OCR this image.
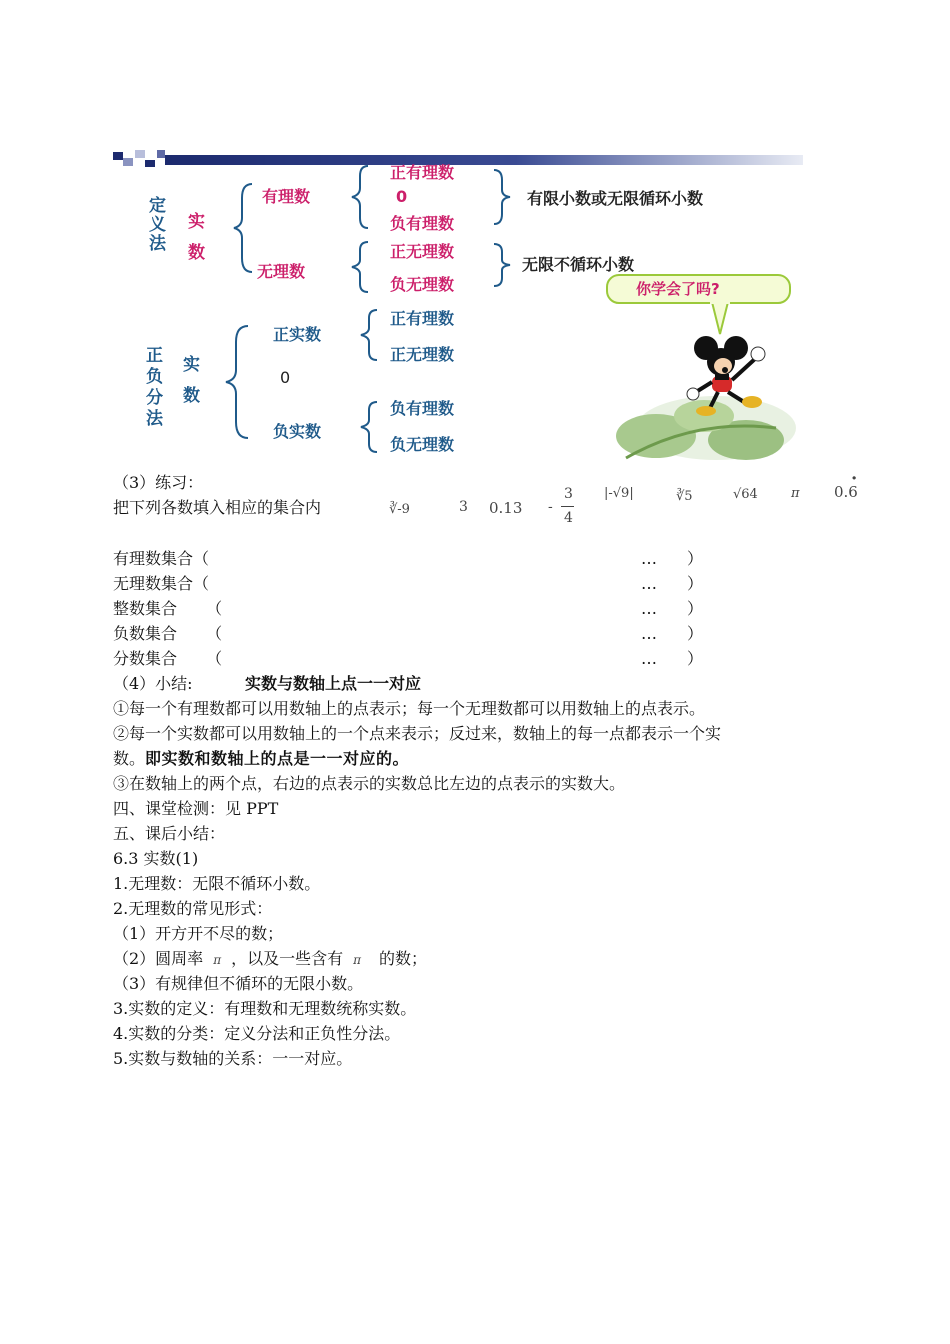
定义法 实数
有理数
无理数
正有理数
0
负有理数
有限小数或无限循环小数
正无理数
负无理数
无限不循环小数
正负分法 实数
正实数
0
负实数
正有理数
正无理数
负有理数
负无理数
你学会了吗?
（3）练习：
把下列各数填入相应的集合内	∛-9	3 0.13 -
3
4
|-√9|	∛5	√64	π
·
0.6
有理数集合（	… ）
无理数集合（	… ）
整数集合 （	… ）
负数集合 （	… ）
分数集合 （	… ）
（4）小结:	实数与数轴上点一一对应
①每一个有理数都可以用数轴上的点表示；每一个无理数都可以用数轴上的点表示。
②每一个实数都可以用数轴上的一个点来表示；反过来，数轴上的每一点都表示一个实
数。即实数和数轴上的点是一一对应的。
③在数轴上的两个点，右边的点表示的实数总比左边的点表示的实数大。
四、课堂检测：见 PPT
五、课后小结：
6.3 实数(1)
1.无理数：无限不循环小数。
2.无理数的常见形式：
（1）开方开不尽的数；
（2）圆周率 π ，以及一些含有 π 的数；
（3）有规律但不循环的无限小数。
3.实数的定义：有理数和无理数统称实数。
4.实数的分类：定义分法和正负性分法。
5.实数与数轴的关系：一一对应。
